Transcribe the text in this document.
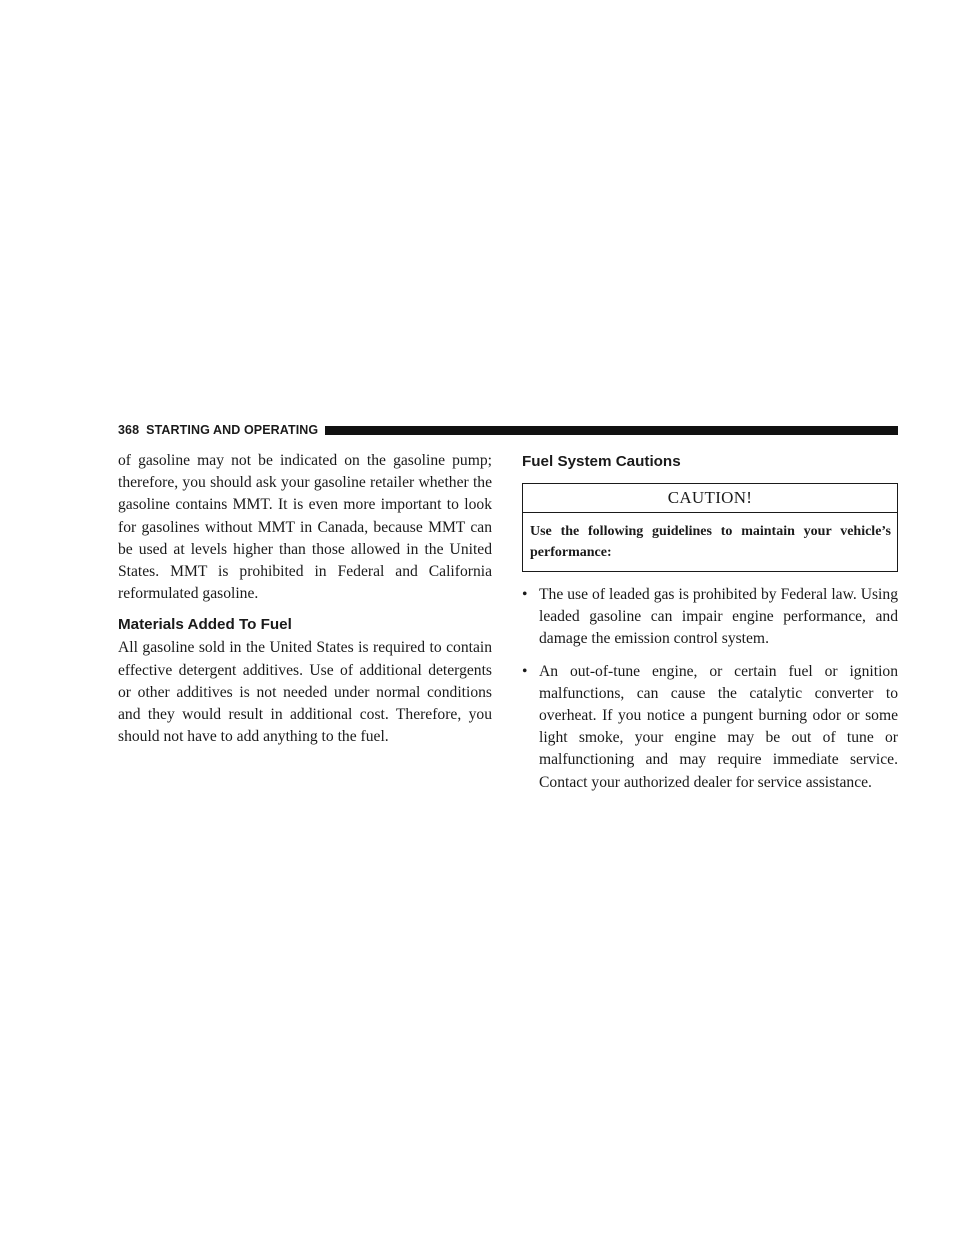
368 STARTING AND OPERATING

of gasoline may not be indicated on the gasoline pump; therefore, you should ask your gasoline retailer whether the gasoline contains MMT. It is even more important to look for gasolines without MMT in Canada, because MMT can be used at levels higher than those allowed in the United States. MMT is prohibited in Federal and California reformulated gasoline.

Materials Added To Fuel

All gasoline sold in the United States is required to contain effective detergent additives. Use of additional detergents or other additives is not needed under normal conditions and they would result in additional cost. Therefore, you should not have to add anything to the fuel.

Fuel System Cautions
CAUTION!

Use the following guidelines to maintain your vehicle’s performance:

• The use of leaded gas is prohibited by Federal law. Using leaded gasoline can impair engine performance, and damage the emission control system.

• An out-of-tune engine, or certain fuel or ignition malfunctions, can cause the catalytic converter to overheat. If you notice a pungent burning odor or some light smoke, your engine may be out of tune or malfunctioning and may require immediate service. Contact your authorized dealer for service assistance.
